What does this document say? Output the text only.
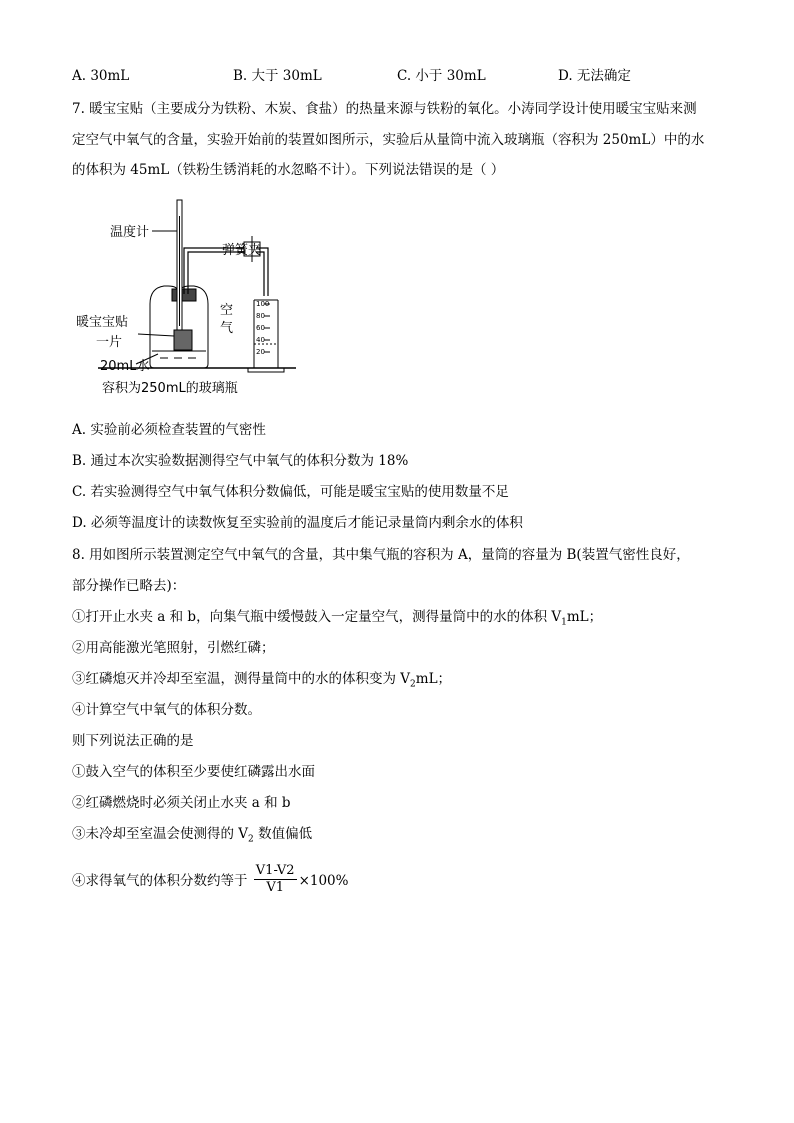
A. 30mL	B. 大于 30mL	C. 小于 30mL	D. 无法确定
7. 暖宝宝贴（主要成分为铁粉、木炭、食盐）的热量来源与铁粉的氧化。小涛同学设计使用暖宝宝贴来测
定空气中氧气的含量，实验开始前的装置如图所示，实验后从量筒中流入玻璃瓶（容积为 250mL）中的水
的体积为 45mL（铁粉生锈消耗的水忽略不计）。下列说法错误的是（ ）
温度计
弹簧夹
空
气
暖宝宝贴
一片
20mL水
容积为250mL的玻璃瓶
100
80
60
40
20
A. 实验前必须检查装置的气密性
B. 通过本次实验数据测得空气中氧气的体积分数为 18%
C. 若实验测得空气中氧气体积分数偏低，可能是暖宝宝贴的使用数量不足
D. 必须等温度计的读数恢复至实验前的温度后才能记录量筒内剩余水的体积
8. 用如图所示装置测定空气中氧气的含量，其中集气瓶的容积为 A，量筒的容量为 B(装置气密性良好，
部分操作已略去)：
①打开止水夹 a 和 b，向集气瓶中缓慢鼓入一定量空气，测得量筒中的水的体积 $V_1mL$；
②用高能激光笔照射，引燃红磷；
③红磷熄灭并冷却至室温，测得量筒中的水的体积变为 $V_2mL$；
④计算空气中氧气的体积分数。
则下列说法正确的是
①鼓入空气的体积至少要使红磷露出水面
②红磷燃烧时必须关闭止水夹 a 和 b
③未冷却至室温会使测得的 $V_2$ 数值偏低
④求得氧气的体积分数约等于 $\frac{V1-V2}{V1} \times 100\%$
